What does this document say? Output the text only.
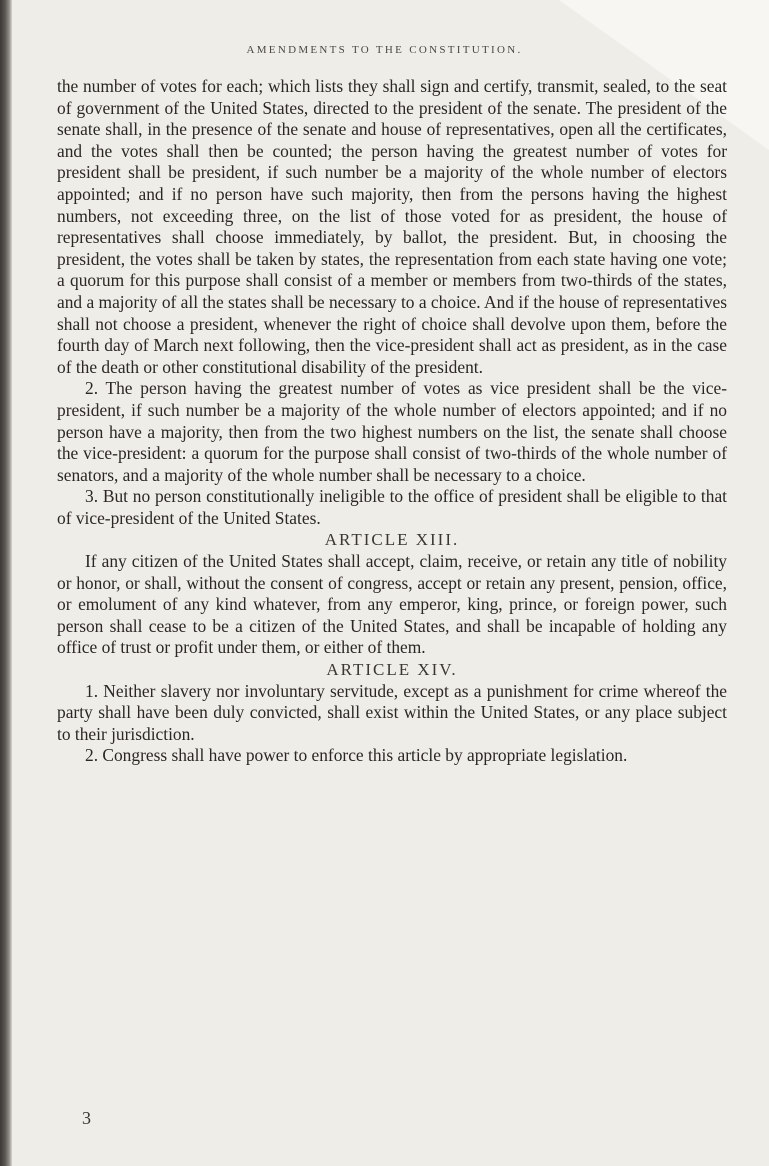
AMENDMENTS TO THE CONSTITUTION.

the number of votes for each; which lists they shall sign and certify, transmit, sealed, to the seat of government of the United States, directed to the president of the senate. The president of the senate shall, in the presence of the senate and house of representatives, open all the certificates, and the votes shall then be counted; the person having the greatest number of votes for president shall be president, if such number be a majority of the whole number of electors appointed; and if no person have such majority, then from the persons having the highest numbers, not exceeding three, on the list of those voted for as president, the house of representatives shall choose immediately, by ballot, the president. But, in choosing the president, the votes shall be taken by states, the representation from each state having one vote; a quorum for this purpose shall consist of a member or members from two-thirds of the states, and a majority of all the states shall be necessary to a choice. And if the house of representatives shall not choose a president, whenever the right of choice shall devolve upon them, before the fourth day of March next following, then the vice-president shall act as president, as in the case of the death or other constitutional disability of the president.

2. The person having the greatest number of votes as vice president shall be the vice-president, if such number be a majority of the whole number of electors appointed; and if no person have a majority, then from the two highest numbers on the list, the senate shall choose the vice-president: a quorum for the purpose shall consist of two-thirds of the whole number of senators, and a majority of the whole number shall be necessary to a choice.

3. But no person constitutionally ineligible to the office of president shall be eligible to that of vice-president of the United States.

ARTICLE XIII.

If any citizen of the United States shall accept, claim, receive, or retain any title of nobility or honor, or shall, without the consent of congress, accept or retain any present, pension, office, or emolument of any kind whatever, from any emperor, king, prince, or foreign power, such person shall cease to be a citizen of the United States, and shall be incapable of holding any office of trust or profit under them, or either of them.

ARTICLE XIV.

1. Neither slavery nor involuntary servitude, except as a punishment for crime whereof the party shall have been duly convicted, shall exist within the United States, or any place subject to their jurisdiction.

2. Congress shall have power to enforce this article by appropriate legislation.

3
